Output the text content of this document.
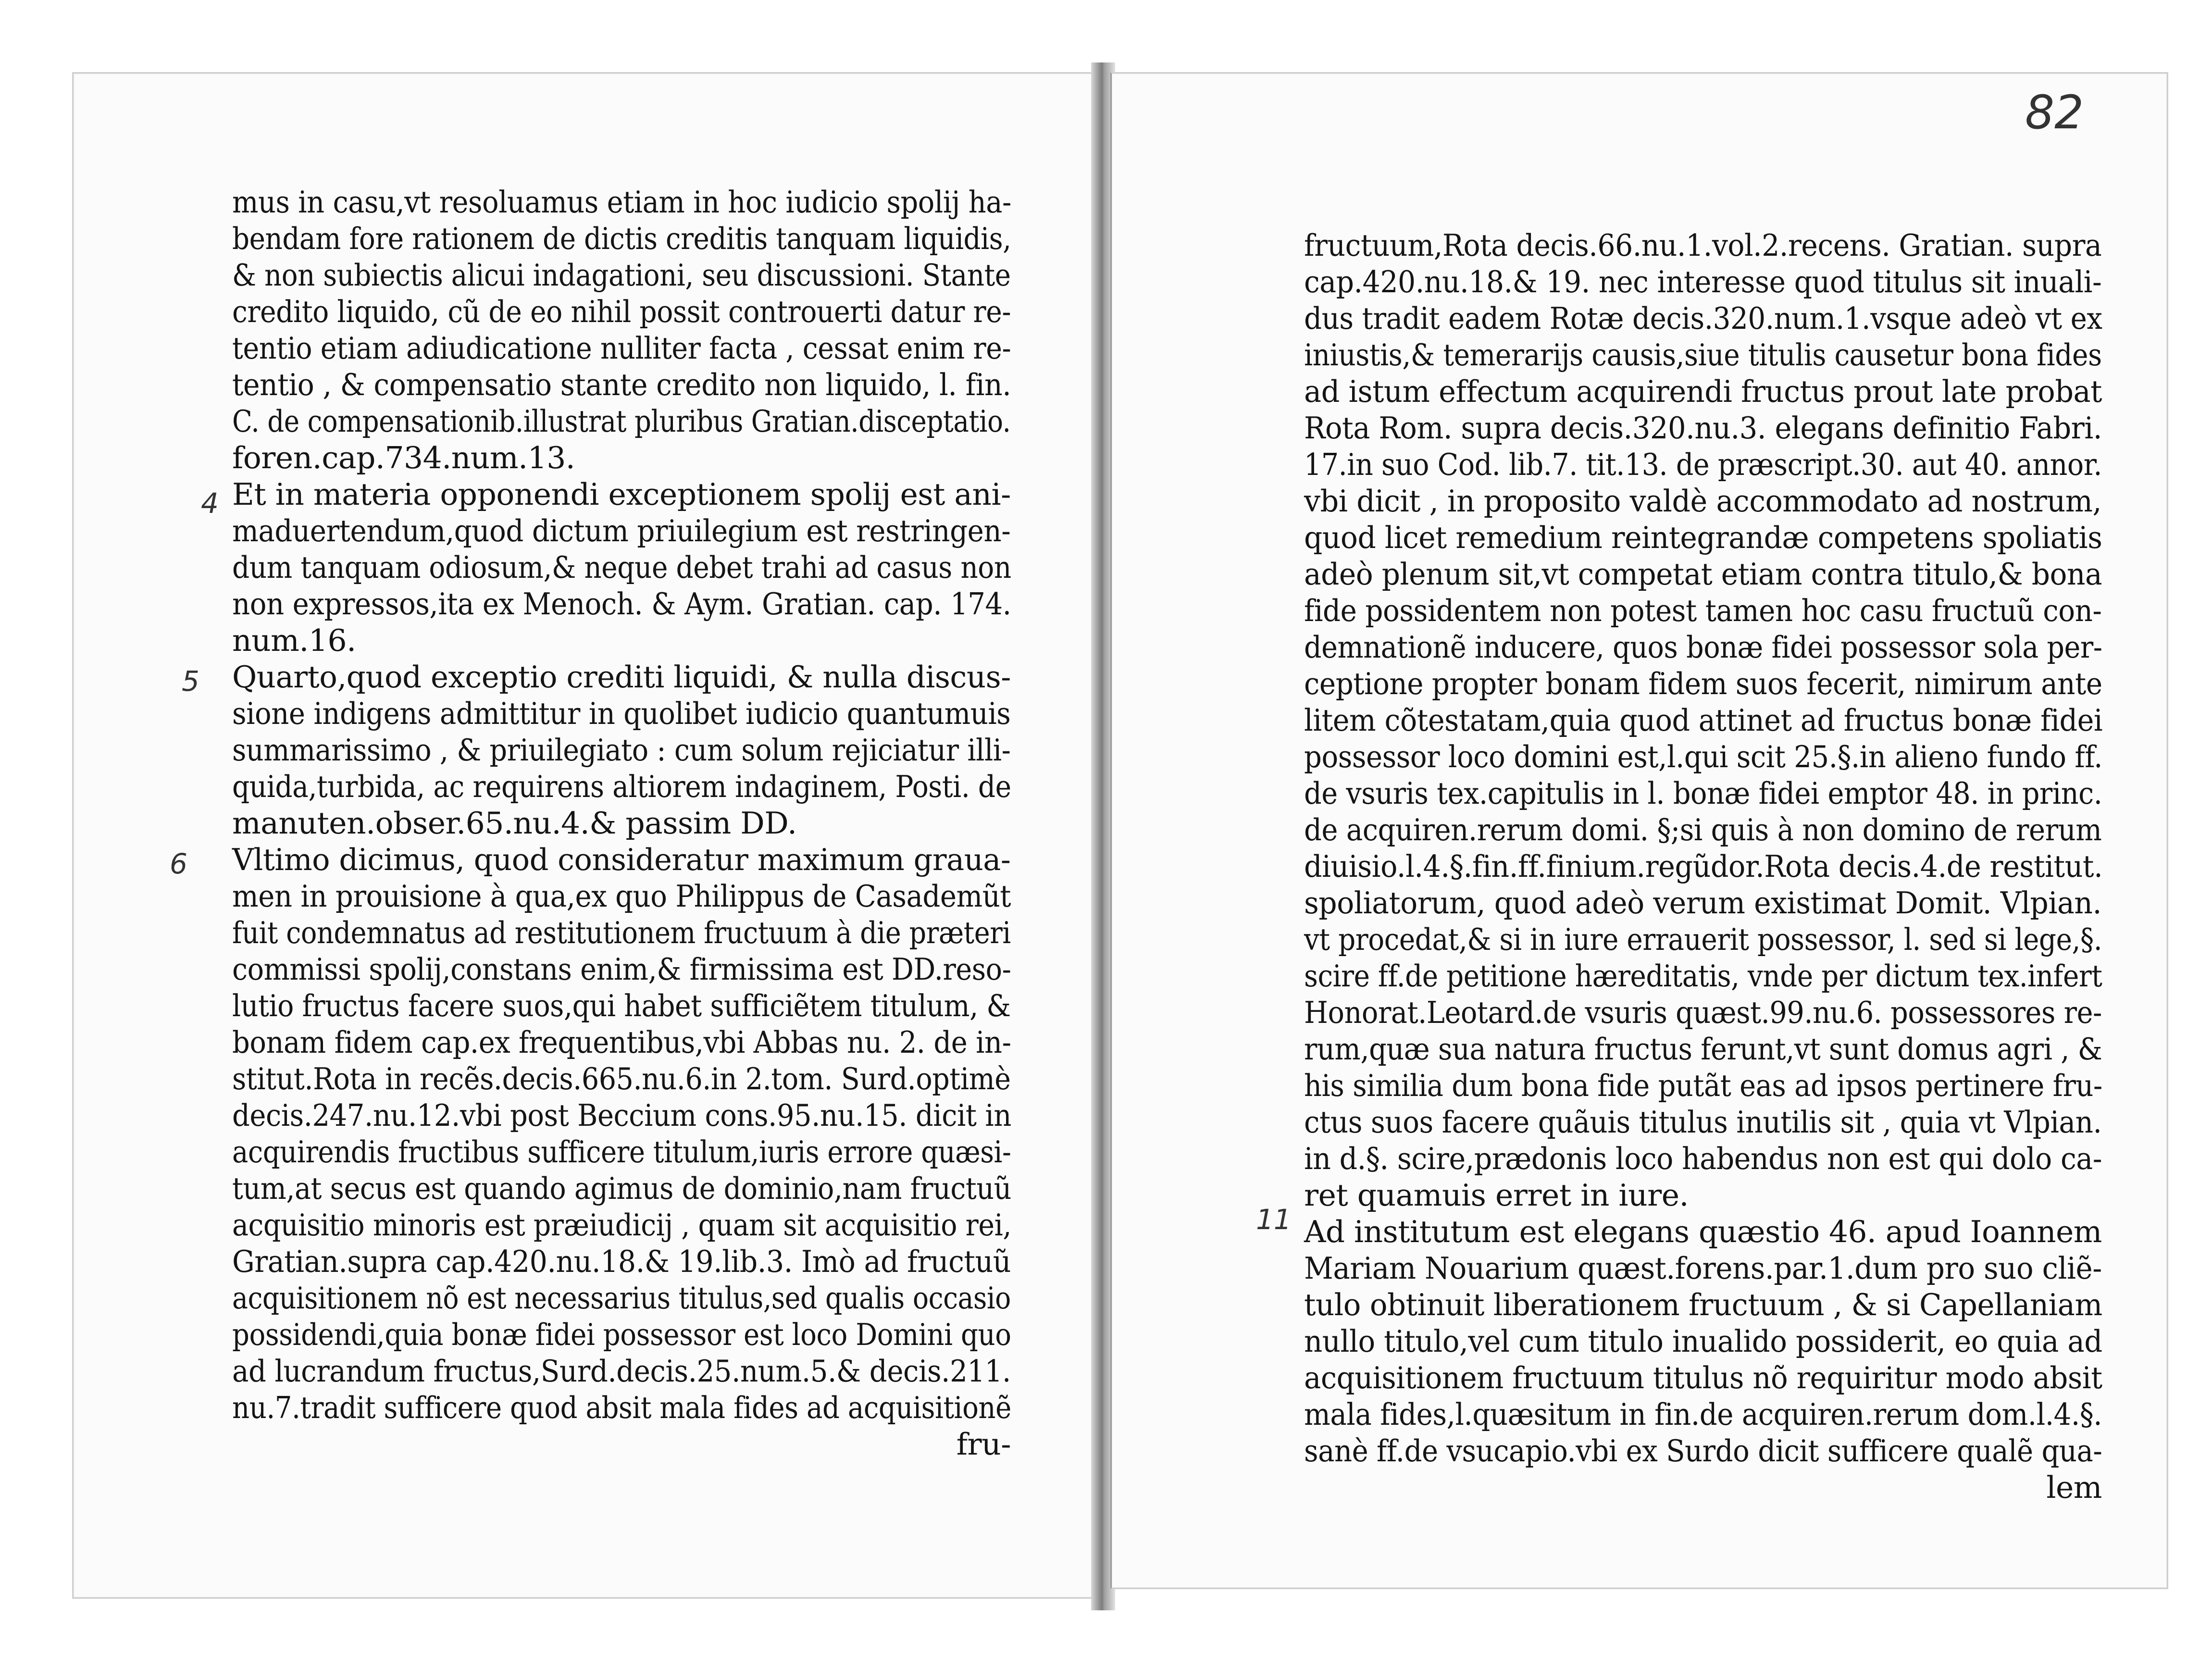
mus in casu,vt resoluamus etiam in hoc iudicio spolij ha-
bendam fore rationem de dictis creditis tanquam liquidis,
& non subiectis alicui indagationi, seu discussioni. Stante
credito liquido, cũ de eo nihil possit controuerti datur re-
tentio etiam adiudicatione nulliter facta , cessat enim re-
tentio , & compensatio stante credito non liquido, l. fin.
C. de compensationib.illustrat pluribus Gratian.disceptatio.
foren.cap.734.num.13.
Et in materia opponendi exceptionem spolij est ani-
maduertendum,quod dictum priuilegium est restringen-
dum tanquam odiosum,& neque debet trahi ad casus non
non expressos,ita ex Menoch. & Aym. Gratian. cap. 174.
num.16.
Quarto,quod exceptio crediti liquidi, & nulla discus-
sione indigens admittitur in quolibet iudicio quantumuis
summarissimo , & priuilegiato : cum solum rejiciatur illi-
quida,turbida, ac requirens altiorem indaginem, Posti. de
manuten.obser.65.nu.4.& passim DD.
Vltimo dicimus, quod consideratur maximum graua-
men in prouisione à qua,ex quo Philippus de Casademũt
fuit condemnatus ad restitutionem fructuum à die præteri
commissi spolij,constans enim,& firmissima est DD.reso-
lutio fructus facere suos,qui habet sufficiẽtem titulum, &
bonam fidem cap.ex frequentibus,vbi Abbas nu. 2. de in-
stitut.Rota in recẽs.decis.665.nu.6.in 2.tom. Surd.optimè
decis.247.nu.12.vbi post Beccium cons.95.nu.15. dicit in
acquirendis fructibus sufficere titulum,iuris errore quæsi-
tum,at secus est quando agimus de dominio,nam fructuũ
acquisitio minoris est præiudicij , quam sit acquisitio rei,
Gratian.supra cap.420.nu.18.& 19.lib.3. Imò ad fructuũ
acquisitionem nõ est necessarius titulus,sed qualis occasio
possidendi,quia bonæ fidei possessor est loco Domini quo
ad lucrandum fructus,Surd.decis.25.num.5.& decis.211.
nu.7.tradit sufficere quod absit mala fides ad acquisitionẽ
fru-
4
5
6
82
fructuum,Rota decis.66.nu.1.vol.2.recens. Gratian. supra
cap.420.nu.18.& 19. nec interesse quod titulus sit inuali-
dus tradit eadem Rotæ decis.320.num.1.vsque adeò vt ex
iniustis,& temerarijs causis,siue titulis causetur bona fides
ad istum effectum acquirendi fructus prout late probat
Rota Rom. supra decis.320.nu.3. elegans definitio Fabri.
17.in suo Cod. lib.7. tit.13. de præscript.30. aut 40. annor.
vbi dicit , in proposito valdè accommodato ad nostrum,
quod licet remedium reintegrandæ competens spoliatis
adeò plenum sit,vt competat etiam contra titulo,& bona
fide possidentem non potest tamen hoc casu fructuũ con-
demnationẽ inducere, quos bonæ fidei possessor sola per-
ceptione propter bonam fidem suos fecerit, nimirum ante
litem cõtestatam,quia quod attinet ad fructus bonæ fidei
possessor loco domini est,l.qui scit 25.§.in alieno fundo ff.
de vsuris tex.capitulis in l. bonæ fidei emptor 48. in princ.
de acquiren.rerum domi. §;si quis à non domino de rerum
diuisio.l.4.§.fin.ff.finium.regũdor.Rota decis.4.de restitut.
spoliatorum, quod adeò verum existimat Domit. Vlpian.
vt procedat,& si in iure errauerit possessor, l. sed si lege,§.
scire ff.de petitione hæreditatis, vnde per dictum tex.infert
Honorat.Leotard.de vsuris quæst.99.nu.6. possessores re-
rum,quæ sua natura fructus ferunt,vt sunt domus agri , &
his similia dum bona fide putãt eas ad ipsos pertinere fru-
ctus suos facere quãuis titulus inutilis sit , quia vt Vlpian.
in d.§. scire,prædonis loco habendus non est qui dolo ca-
ret quamuis erret in iure.
Ad institutum est elegans quæstio 46. apud Ioannem
Mariam Nouarium quæst.forens.par.1.dum pro suo cliẽ-
tulo obtinuit liberationem fructuum , & si Capellaniam
nullo titulo,vel cum titulo inualido possiderit, eo quia ad
acquisitionem fructuum titulus nõ requiritur modo absit
mala fides,l.quæsitum in fin.de acquiren.rerum dom.l.4.§.
sanè ff.de vsucapio.vbi ex Surdo dicit sufficere qualẽ qua-
lem
11
